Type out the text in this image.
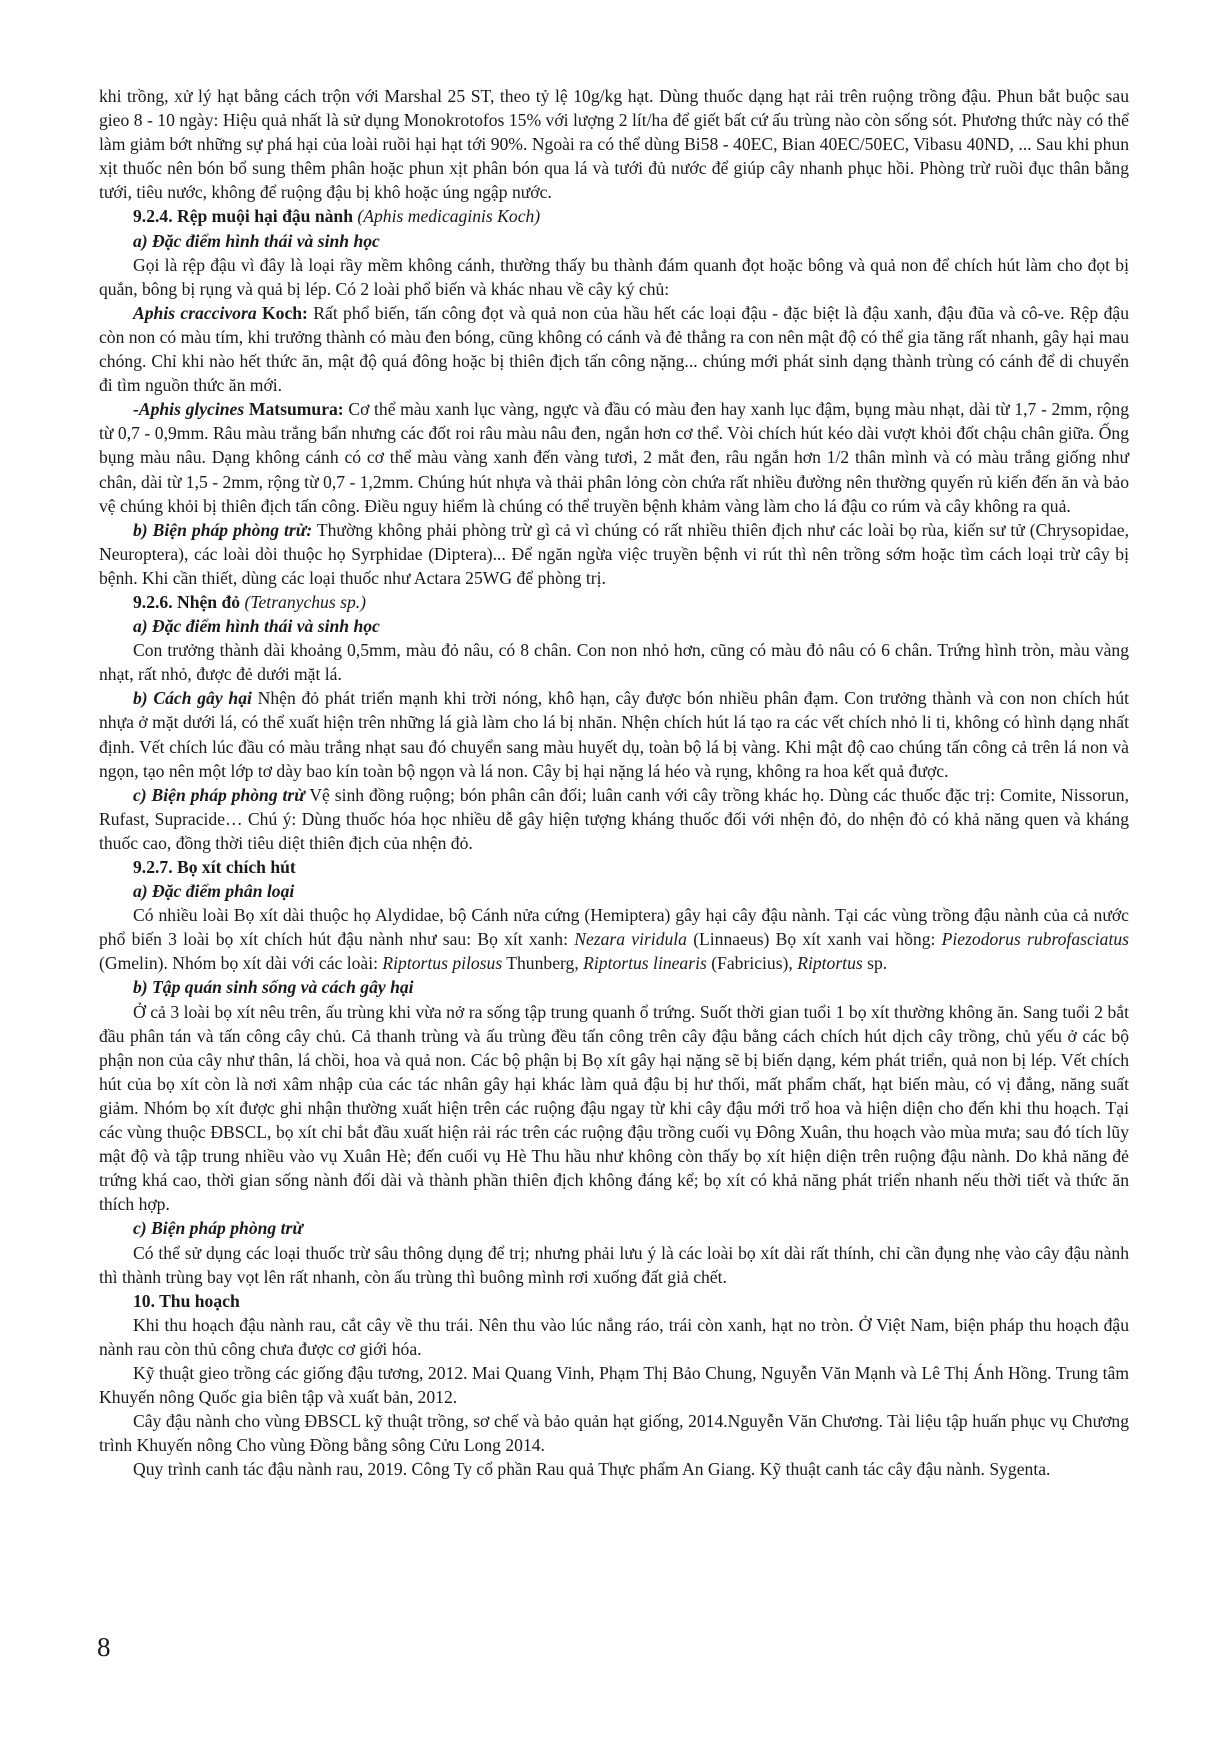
khi trồng, xử lý hạt bằng cách trộn với Marshal 25 ST, theo tỷ lệ 10g/kg hạt. Dùng thuốc dạng hạt rải trên ruộng trồng đậu. Phun bắt buộc sau gieo 8 - 10 ngày: Hiệu quả nhất là sử dụng Monokrotofos 15% với lượng 2 lít/ha để giết bất cứ ấu trùng nào còn sống sót. Phương thức này có thể làm giảm bớt những sự phá hại của loài ruồi hại hạt tới 90%. Ngoài ra có thể dùng Bi58 - 40EC, Bian 40EC/50EC, Vibasu 40ND, ... Sau khi phun xịt thuốc nên bón bổ sung thêm phân hoặc phun xịt phân bón qua lá và tưới đủ nước để giúp cây nhanh phục hồi. Phòng trừ ruồi đục thân bằng tưới, tiêu nước, không để ruộng đậu bị khô hoặc úng ngập nước.

9.2.4. Rệp muội hại đậu nành (Aphis medicaginis Koch)
a) Đặc điểm hình thái và sinh học

Gọi là rệp đậu vì đây là loại rầy mềm không cánh, thường thấy bu thành đám quanh đọt hoặc bông và quả non để chích hút làm cho đọt bị quắn, bông bị rụng và quả bị lép. Có 2 loài phổ biến và khác nhau về cây ký chủ:

Aphis craccivora Koch: Rất phổ biến, tấn công đọt và quả non của hầu hết các loại đậu - đặc biệt là đậu xanh, đậu đũa và cô-ve. Rệp đậu còn non có màu tím, khi trưởng thành có màu đen bóng, cũng không có cánh và đẻ thẳng ra con nên mật độ có thể gia tăng rất nhanh, gây hại mau chóng. Chỉ khi nào hết thức ăn, mật độ quá đông hoặc bị thiên địch tấn công nặng... chúng mới phát sinh dạng thành trùng có cánh để di chuyển đi tìm nguồn thức ăn mới.

-Aphis glycines Matsumura: Cơ thể màu xanh lục vàng, ngực và đầu có màu đen hay xanh lục đậm, bụng màu nhạt, dài từ 1,7 - 2mm, rộng từ 0,7 - 0,9mm. Râu màu trắng bẩn nhưng các đốt roi râu màu nâu đen, ngắn hơn cơ thể. Vòi chích hút kéo dài vượt khỏi đốt chậu chân giữa. Ống bụng màu nâu. Dạng không cánh có cơ thể màu vàng xanh đến vàng tươi, 2 mắt đen, râu ngắn hơn 1/2 thân mình và có màu trắng giống như chân, dài từ 1,5 - 2mm, rộng từ 0,7 - 1,2mm. Chúng hút nhựa và thải phân lỏng còn chứa rất nhiều đường nên thường quyến rủ kiến đến ăn và bảo vệ chúng khỏi bị thiên địch tấn công. Điều nguy hiểm là chúng có thể truyền bệnh khảm vàng làm cho lá đậu co rúm và cây không ra quả.

b) Biện pháp phòng trừ: Thường không phải phòng trừ gì cả vì chúng có rất nhiều thiên địch như các loài bọ rùa, kiến sư tử (Chrysopidae, Neuroptera), các loài dòi thuộc họ Syrphidae (Diptera)... Để ngăn ngừa việc truyền bệnh vi rút thì nên trồng sớm hoặc tìm cách loại trừ cây bị bệnh. Khi cần thiết, dùng các loại thuốc như Actara 25WG để phòng trị.

9.2.6. Nhện đỏ (Tetranychus sp.)
a) Đặc điểm hình thái và sinh học

Con trưởng thành dài khoảng 0,5mm, màu đỏ nâu, có 8 chân. Con non nhỏ hơn, cũng có màu đỏ nâu có 6 chân. Trứng hình tròn, màu vàng nhạt, rất nhỏ, được đẻ dưới mặt lá.

b) Cách gây hại Nhện đỏ phát triển mạnh khi trời nóng, khô hạn, cây được bón nhiều phân đạm. Con trưởng thành và con non chích hút nhựa ở mặt dưới lá, có thể xuất hiện trên những lá già làm cho lá bị nhăn. Nhện chích hút lá tạo ra các vết chích nhỏ li ti, không có hình dạng nhất định. Vết chích lúc đầu có màu trắng nhạt sau đó chuyển sang màu huyết dụ, toàn bộ lá bị vàng. Khi mật độ cao chúng tấn công cả trên lá non và ngọn, tạo nên một lớp tơ dày bao kín toàn bộ ngọn và lá non. Cây bị hại nặng lá héo và rụng, không ra hoa kết quả được.

c) Biện pháp phòng trừ Vệ sinh đồng ruộng; bón phân cân đối; luân canh với cây trồng khác họ. Dùng các thuốc đặc trị: Comite, Nissorun, Rufast, Supracide… Chú ý: Dùng thuốc hóa học nhiều dễ gây hiện tượng kháng thuốc đối với nhện đỏ, do nhện đỏ có khả năng quen và kháng thuốc cao, đồng thời tiêu diệt thiên địch của nhện đỏ.

9.2.7. Bọ xít chích hút
a) Đặc điểm phân loại

Có nhiều loài Bọ xít dài thuộc họ Alydidae, bộ Cánh nửa cứng (Hemiptera) gây hại cây đậu nành. Tại các vùng trồng đậu nành của cả nước phổ biến 3 loài bọ xít chích hút đậu nành như sau: Bọ xít xanh: Nezara viridula (Linnaeus) Bọ xít xanh vai hồng: Piezodorus rubrofasciatus (Gmelin). Nhóm bọ xít dài với các loài: Riptortus pilosus Thunberg, Riptortus linearis (Fabricius), Riptortus sp.

b) Tập quán sinh sống và cách gây hại

Ở cả 3 loài bọ xít nêu trên, ấu trùng khi vừa nở ra sống tập trung quanh ổ trứng. Suốt thời gian tuổi 1 bọ xít thường không ăn. Sang tuổi 2 bắt đầu phân tán và tấn công cây chủ. Cả thanh trùng và ấu trùng đều tấn công trên cây đậu bằng cách chích hút dịch cây trồng, chủ yếu ở các bộ phận non của cây như thân, lá chồi, hoa và quả non. Các bộ phận bị Bọ xít gây hại nặng sẽ bị biến dạng, kém phát triển, quả non bị lép. Vết chích hút của bọ xít còn là nơi xâm nhập của các tác nhân gây hại khác làm quả đậu bị hư thối, mất phẩm chất, hạt biến màu, có vị đắng, năng suất giảm. Nhóm bọ xít được ghi nhận thường xuất hiện trên các ruộng đậu ngay từ khi cây đậu mới trổ hoa và hiện diện cho đến khi thu hoạch. Tại các vùng thuộc ĐBSCL, bọ xít chỉ bắt đầu xuất hiện rải rác trên các ruộng đậu trồng cuối vụ Đông Xuân, thu hoạch vào mùa mưa; sau đó tích lũy mật độ và tập trung nhiều vào vụ Xuân Hè; đến cuối vụ Hè Thu hầu như không còn thấy bọ xít hiện diện trên ruộng đậu nành. Do khả năng đẻ trứng khá cao, thời gian sống nành đối dài và thành phần thiên địch không đáng kể; bọ xít có khả năng phát triển nhanh nếu thời tiết và thức ăn thích hợp.

c) Biện pháp phòng trừ

Có thể sử dụng các loại thuốc trừ sâu thông dụng để trị; nhưng phải lưu ý là các loài bọ xít dài rất thính, chỉ cần đụng nhẹ vào cây đậu nành thì thành trùng bay vọt lên rất nhanh, còn ấu trùng thì buông mình rơi xuống đất giả chết.

10. Thu hoạch

Khi thu hoạch đậu nành rau, cắt cây về thu trái. Nên thu vào lúc nắng ráo, trái còn xanh, hạt no tròn. Ở Việt Nam, biện pháp thu hoạch đậu nành rau còn thủ công chưa được cơ giới hóa.

Kỹ thuật gieo trồng các giống đậu tương, 2012. Mai Quang Vinh, Phạm Thị Bảo Chung, Nguyễn Văn Mạnh và Lê Thị Ánh Hồng. Trung tâm Khuyến nông Quốc gia biên tập và xuất bản, 2012.

Cây đậu nành cho vùng ĐBSCL kỹ thuật trồng, sơ chế và bảo quản hạt giống, 2014.Nguyễn Văn Chương. Tài liệu tập huấn phục vụ Chương trình Khuyến nông Cho vùng Đồng bằng sông Cửu Long 2014.

Quy trình canh tác đậu nành rau, 2019. Công Ty cổ phần Rau quả Thực phẩm An Giang. Kỹ thuật canh tác cây đậu nành. Sygenta.

8
